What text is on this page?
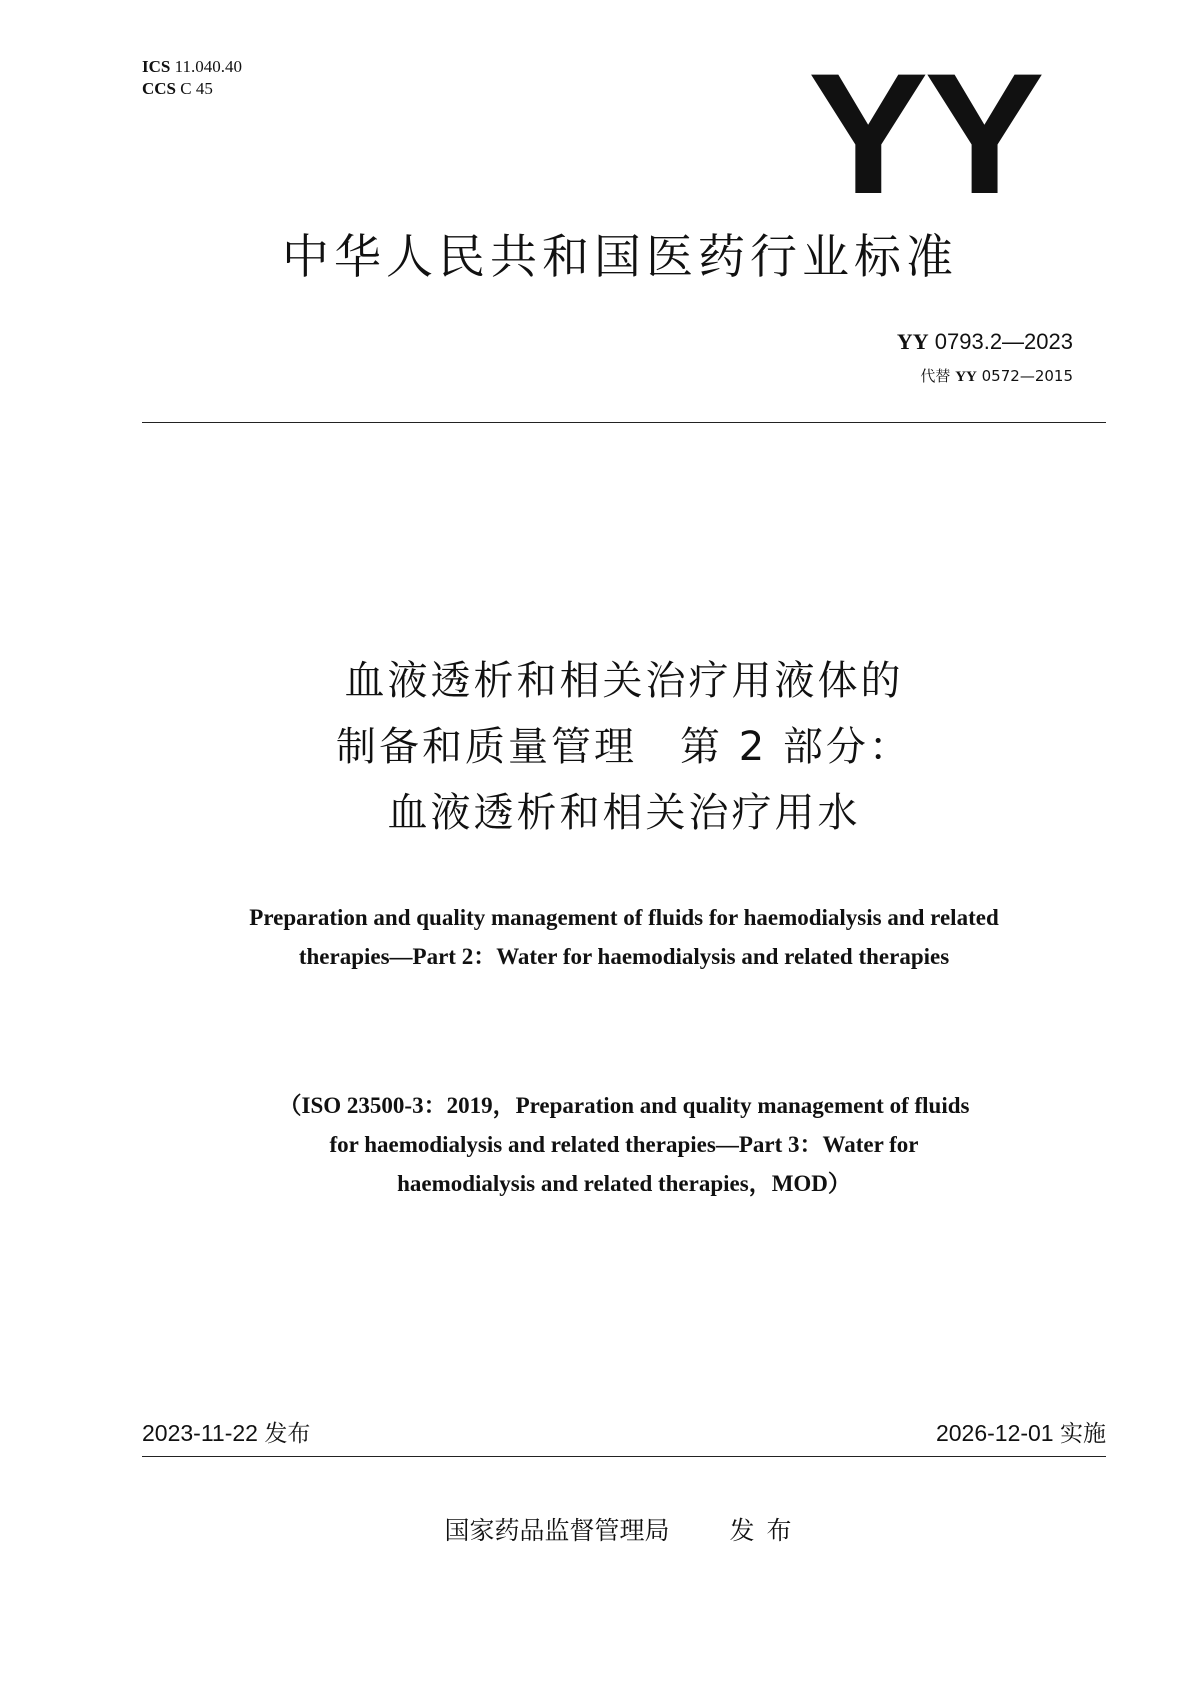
ICS 11.040.40
CCS C 45	YY
中华人民共和国医药行业标准
YY 0793.2—2023
代替 YY 0572—2015
血液透析和相关治疗用液体的
制备和质量管理　第 2 部分：
血液透析和相关治疗用水
Preparation and quality management of fluids for haemodialysis and related
therapies—Part 2：Water for haemodialysis and related therapies
（ISO 23500-3：2019，Preparation and quality management of fluids
for haemodialysis and related therapies—Part 3：Water for
haemodialysis and related therapies，MOD）
2023-11-22 发布	2026-12-01 实施
国家药品监督管理局 发布
